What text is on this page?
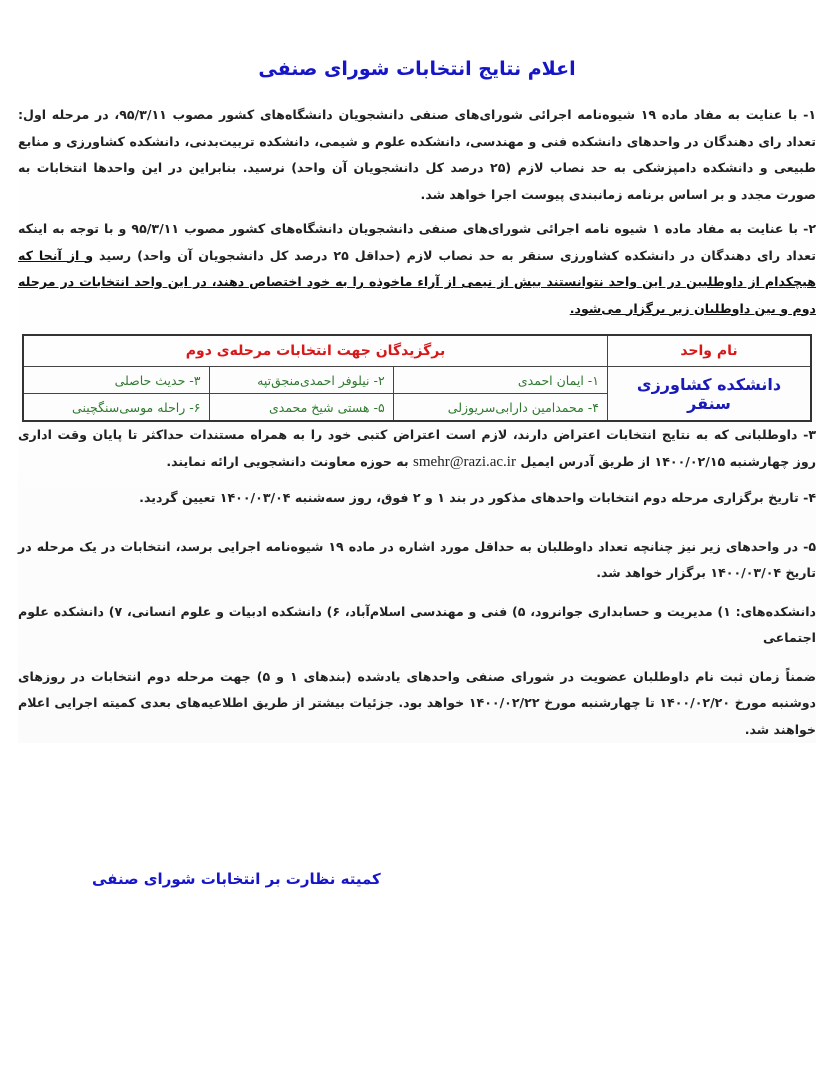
اعلام نتایج انتخابات شورای صنفی

۱- با عنایت به مفاد ماده ۱۹ شیوه‌نامه اجرائی شورای‌های صنفی دانشجویان دانشگاه‌های کشور مصوب ۹۵/۳/۱۱، در مرحله اول: تعداد رای دهندگان در واحدهای دانشکده فنی و مهندسی، دانشکده علوم و شیمی، دانشکده تربیت‌بدنی، دانشکده کشاورزی و منابع طبیعی و دانشکده دامپزشکی به حد نصاب لازم (۲۵ درصد کل دانشجویان آن واحد) نرسید. بنابراین در این واحدها انتخابات به صورت مجدد و بر اساس برنامه زمانبندی پیوست اجرا خواهد شد.

۲- با عنایت به مفاد ماده ۱ شیوه نامه اجرائی شورای‌های صنفی دانشجویان دانشگاه‌های کشور مصوب ۹۵/۳/۱۱ و با توجه به اینکه تعداد رای دهندگان در دانشکده کشاورزی سنقر به حد نصاب لازم (حداقل ۲۵ درصد کل دانشجویان آن واحد) رسید و از آنجا که هیچکدام از داوطلبین در این واحد نتوانستند بیش از نیمی از آراء ماخوذه را به خود اختصاص دهند، در این واحد انتخابات در مرحله دوم و بین داوطلبان زیر برگزار می‌شود.

نام واحد	برگزیدگان جهت انتخابات مرحله‌ی دوم		
دانشکده کشاورزی سنقر	۱- ایمان احمدی	۲- نیلوفر احمدی‌منجق‌تپه	۳- حدیث حاصلی
	۴- محمدامین دارابی‌سریوزلی	۵- هستی شیخ محمدی	۶- راحله موسی‌سنگچینی

۳- داوطلبانی که به نتایج انتخابات اعتراض دارند، لازم است اعتراض کتبی خود را به همراه مستندات حداکثر تا پایان وقت اداری روز چهارشنبه ۱۴۰۰/۰۲/۱۵ از طریق آدرس ایمیل smehr@razi.ac.ir به حوزه معاونت دانشجویی ارائه نمایند.

۴- تاریخ برگزاری مرحله دوم انتخابات واحدهای مذکور در بند ۱ و ۲ فوق، روز سه‌شنبه ۱۴۰۰/۰۳/۰۴ تعیین گردید.

۵- در واحدهای زیر نیز چنانچه تعداد داوطلبان به حداقل مورد اشاره در ماده ۱۹ شیوه‌نامه اجرایی برسد، انتخابات در یک مرحله در تاریخ ۱۴۰۰/۰۳/۰۴ برگزار خواهد شد.

دانشکده‌های: ۱) مدیریت و حسابداری جوانرود، ۵) فنی و مهندسی اسلام‌آباد، ۶) دانشکده ادبیات و علوم انسانی، ۷) دانشکده علوم اجتماعی

ضمناً زمان ثبت نام داوطلبان عضویت در شورای صنفی واحدهای یادشده (بندهای ۱ و ۵) جهت مرحله دوم انتخابات در روزهای دوشنبه مورخ ۱۴۰۰/۰۲/۲۰ تا چهارشنبه مورخ ۱۴۰۰/۰۲/۲۲ خواهد بود. جزئیات بیشتر از طریق اطلاعیه‌های بعدی کمیته اجرایی اعلام خواهند شد.

کمیته نظارت بر انتخابات شورای صنفی
